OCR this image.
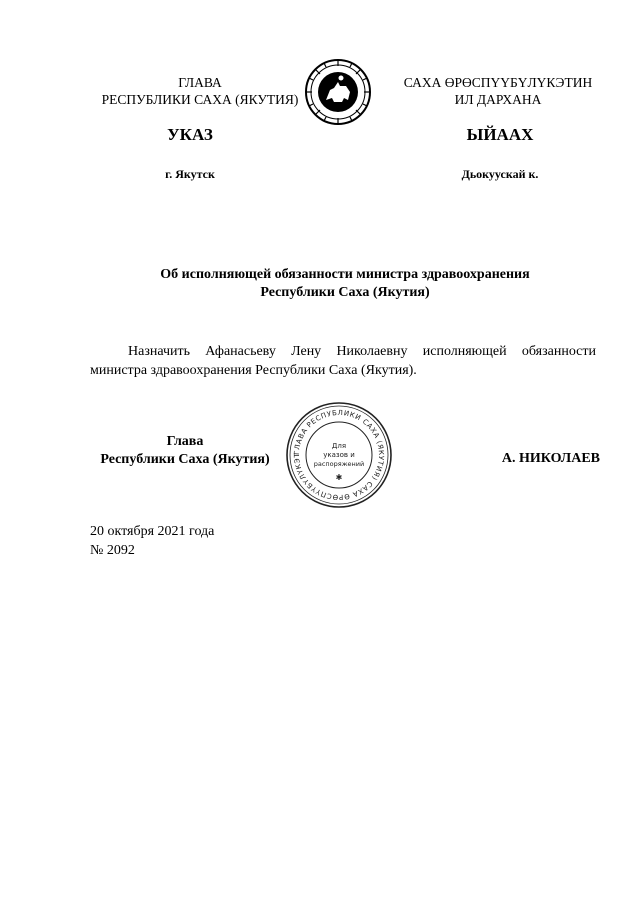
ГЛАВА
РЕСПУБЛИКИ САХА (ЯКУТИЯ)
САХА ӨРӨСПҮҮБҮЛҮКЭТИН
ИЛ ДАРХАНА
УКАЗ	ЫЙААХ
г. Якутск	Дьокуускай к.
Об исполняющей обязанности министра здравоохранения
Республики Саха (Якутия)
Назначить Афанасьеву Лену Николаевну исполняющей обязанности министра здравоохранения Республики Саха (Якутия).
Глава
Республики Саха (Якутия)	ГЛАВА РЕСПУБЛИКИ САХА (ЯКУТИЯ) САХА ӨРӨСПҮҮБҮЛҮКЭТ
Для
указов и
распоряжений
✱
А. НИКОЛАЕВ
20 октября 2021 года
№ 2092
